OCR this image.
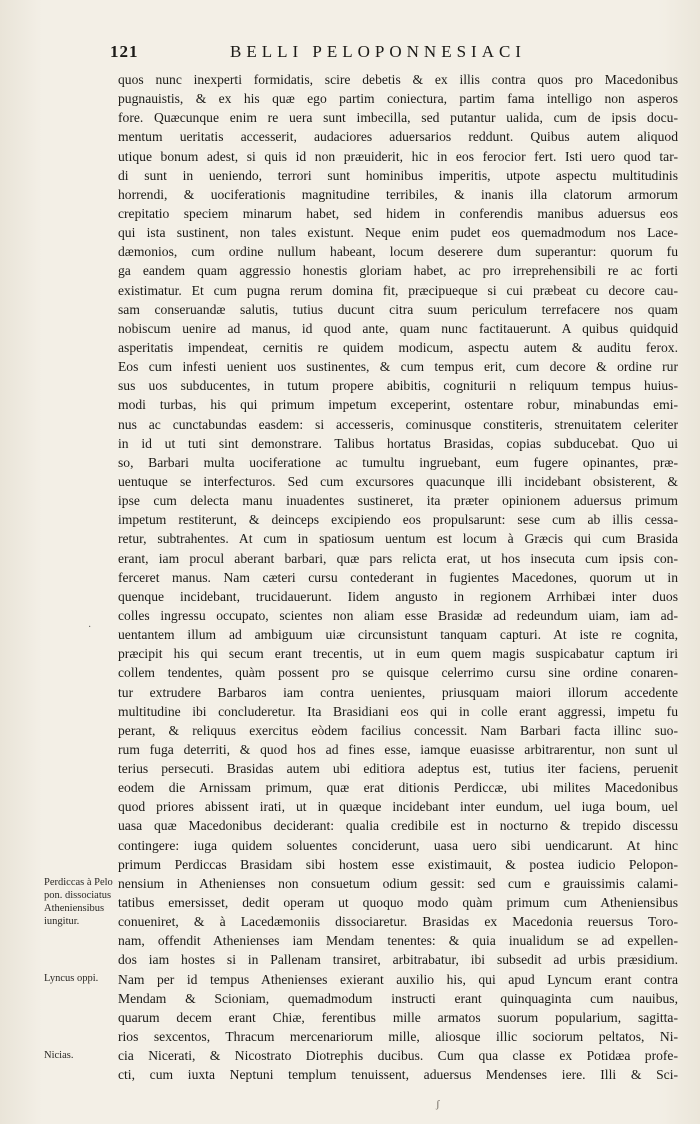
121	BELLI PELOPONNESIACI
quos nunc inexperti formidatis, scire debetis & ex illis contra quos pro Macedonibus
pugnauistis, & ex his quæ ego partim coniectura, partim fama intelligo non asperos
fore. Quæcunque enim re uera sunt imbecilla, sed putantur ualida, cum de ipsis docu-
mentum ueritatis accesserit, audaciores aduersarios reddunt. Quibus autem aliquod
utique bonum adest, si quis id non præuiderit, hic in eos ferocior fert. Isti uero quod tar-
di sunt in ueniendo, terrori sunt hominibus imperitis, utpote aspectu multitudinis
horrendi, & uociferationis magnitudine terribiles, & inanis illa clatorum armorum
crepitatio speciem minarum habet, sed hidem in conferendis manibus aduersus eos
qui ista sustinent, non tales existunt. Neque enim pudet eos quemadmodum nos Lace-
dæmonios, cum ordine nullum habeant, locum deserere dum superantur: quorum fu
ga eandem quam aggressio honestis gloriam habet, ac pro irreprehensibili re ac forti
existimatur. Et cum pugna rerum domina fit, præcipueque si cui præbeat cu decore cau-
sam conseruandæ salutis, tutius ducunt citra suum periculum terrefacere nos quam
nobiscum uenire ad manus, id quod ante, quam nunc factitauerunt. A quibus quidquid
asperitatis impendeat, cernitis re quidem modicum, aspectu autem & auditu ferox.
Eos cum infesti uenient uos sustinentes, & cum tempus erit, cum decore & ordine rur
sus uos subducentes, in tutum propere abibitis, cogniturii n reliquum tempus huius-
modi turbas, his qui primum impetum exceperint, ostentare robur, minabundas emi-
nus ac cunctabundas easdem: si accesseris, cominusque constiteris, strenuitatem celeriter
in id ut tuti sint demonstrare. Talibus hortatus Brasidas, copias subducebat. Quo ui
so, Barbari multa uociferatione ac tumultu ingruebant, eum fugere opinantes, præ-
uentuque se interfecturos. Sed cum excursores quacunque illi incidebant obsisterent, &
ipse cum delecta manu inuadentes sustineret, ita præter opinionem aduersus primum
impetum restiterunt, & deinceps excipiendo eos propulsarunt: sese cum ab illis cessa-
retur, subtrahentes. At cum in spatiosum uentum est locum à Græcis qui cum Brasida
erant, iam procul aberant barbari, quæ pars relicta erat, ut hos insecuta cum ipsis con-
ferceret manus. Nam cæteri cursu contederant in fugientes Macedones, quorum ut in
quenque incidebant, trucidauerunt. Iidem angusto in regionem Arrhibæi inter duos
colles ingressu occupato, scientes non aliam esse Brasidæ ad redeundum uiam, iam ad-
uentantem illum ad ambiguum uiæ circunsistunt tanquam capturi. At iste re cognita,
præcipit his qui secum erant trecentis, ut in eum quem magis suspicabatur captum iri
collem tendentes, quàm possent pro se quisque celerrimo cursu sine ordine conaren-
tur extrudere Barbaros iam contra uenientes, priusquam maiori illorum accedente
multitudine ibi concluderetur. Ita Brasidiani eos qui in colle erant aggressi, impetu fu
perant, & reliquus exercitus eòdem facilius concessit. Nam Barbari facta illinc suo-
rum fuga deterriti, & quod hos ad fines esse, iamque euasisse arbitrarentur, non sunt ul
terius persecuti. Brasidas autem ubi editiora adeptus est, tutius iter faciens, peruenit
eodem die Arnissam primum, quæ erat ditionis Perdiccæ, ubi milites Macedonibus
quod priores abissent irati, ut in quæque incidebant inter eundum, uel iuga boum, uel
uasa quæ Macedonibus deciderant: qualia credibile est in nocturno & trepido discessu
contingere: iuga quidem soluentes conciderunt, uasa uero sibi uendicarunt. At hinc
primum Perdiccas Brasidam sibi hostem esse existimauit, & postea iudicio Pelopon-
nensium in Athenienses non consuetum odium gessit: sed cum e grauissimis calami-
tatibus emersisset, dedit operam ut quoquo modo quàm primum cum Atheniensibus
conueniret, & à Lacedæmoniis dissociaretur. Brasidas ex Macedonia reuersus Toro-
nam, offendit Athenienses iam Mendam tenentes: & quia inualidum se ad expellen-
dos iam hostes si in Pallenam transiret, arbitrabatur, ibi subsedit ad urbis præsidium.
Nam per id tempus Athenienses exierant auxilio his, qui apud Lyncum erant contra
Mendam & Scioniam, quemadmodum instructi erant quinquaginta cum nauibus,
quarum decem erant Chiæ, ferentibus mille armatos suorum popularium, sagitta-
rios sexcentos, Thracum mercenariorum mille, aliosque illic sociorum peltatos, Ni-
cia Nicerati, & Nicostrato Diotrephis ducibus. Cum qua classe ex Potidæa profe-
cti, cum iuxta Neptuni templum tenuissent, aduersus Mendenses iere. Illi & Sci-
Perdiccas à Pelo pon. dissociatus Atheniensibus iungitur.
Lyncus oppi.
Nicias.
·
ʃ
